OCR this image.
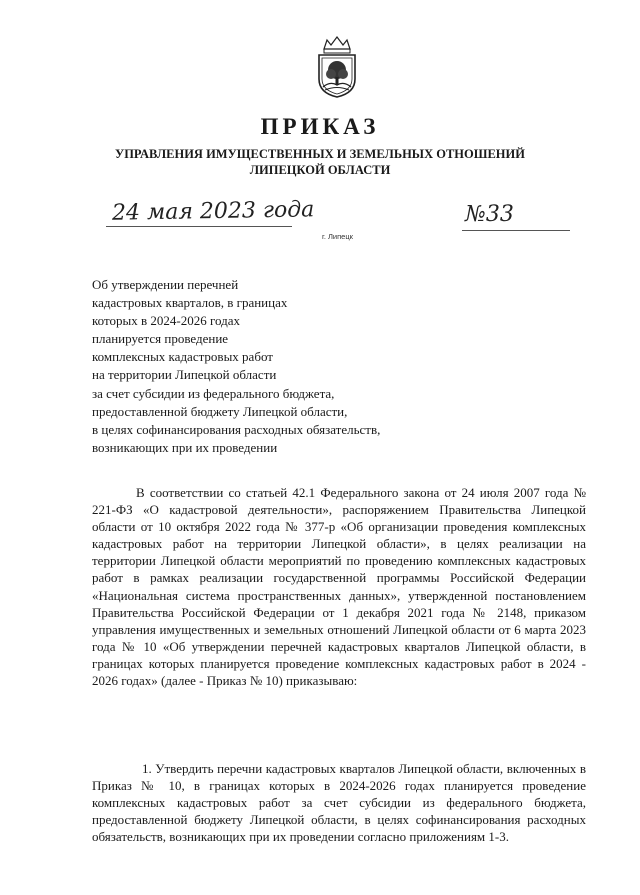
ПРИКАЗ
УПРАВЛЕНИЯ ИМУЩЕСТВЕННЫХ И ЗЕМЕЛЬНЫХ ОТНОШЕНИЙ
ЛИПЕЦКОЙ ОБЛАСТИ
24 мая 2023 года	№33
г. Липецк
Об утверждении перечней
кадастровых кварталов, в границах
которых в 2024-2026 годах
планируется проведение
комплексных кадастровых работ
на территории Липецкой области
за счет субсидии из федерального бюджета,
предоставленной бюджету Липецкой области,
в целях софинансирования расходных обязательств,
возникающих при их проведении
В соответствии со статьей 42.1 Федерального закона от 24 июля 2007 года № 221-ФЗ «О кадастровой деятельности», распоряжением Правительства Липецкой области от 10 октября 2022 года № 377-р «Об организации проведения комплексных кадастровых работ на территории Липецкой области», в целях реализации на территории Липецкой области мероприятий по проведению комплексных кадастровых работ в рамках реализации государственной программы Российской Федерации «Национальная система пространственных данных», утвержденной постановлением Правительства Российской Федерации от 1 декабря 2021 года № 2148, приказом управления имущественных и земельных отношений Липецкой области от 6 марта 2023 года № 10 «Об утверждении перечней кадастровых кварталов Липецкой области, в границах которых планируется проведение комплексных кадастровых работ в 2024 - 2026 годах» (далее - Приказ № 10) приказываю:
1. Утвердить перечни кадастровых кварталов Липецкой области, включенных в Приказ № 10, в границах которых в 2024-2026 годах планируется проведение комплексных кадастровых работ за счет субсидии из федерального бюджета, предоставленной бюджету Липецкой области, в целях софинансирования расходных обязательств, возникающих при их проведении согласно приложениям 1-3.
